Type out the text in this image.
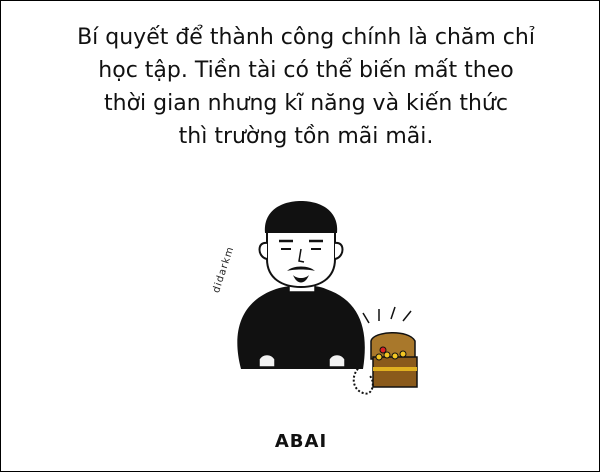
Bí quyết để thành công chính là chăm chỉ
học tập. Tiền tài có thể biến mất theo
thời gian nhưng kĩ năng và kiến thức
thì trường tồn mãi mãi.
didarkm
ABAI
